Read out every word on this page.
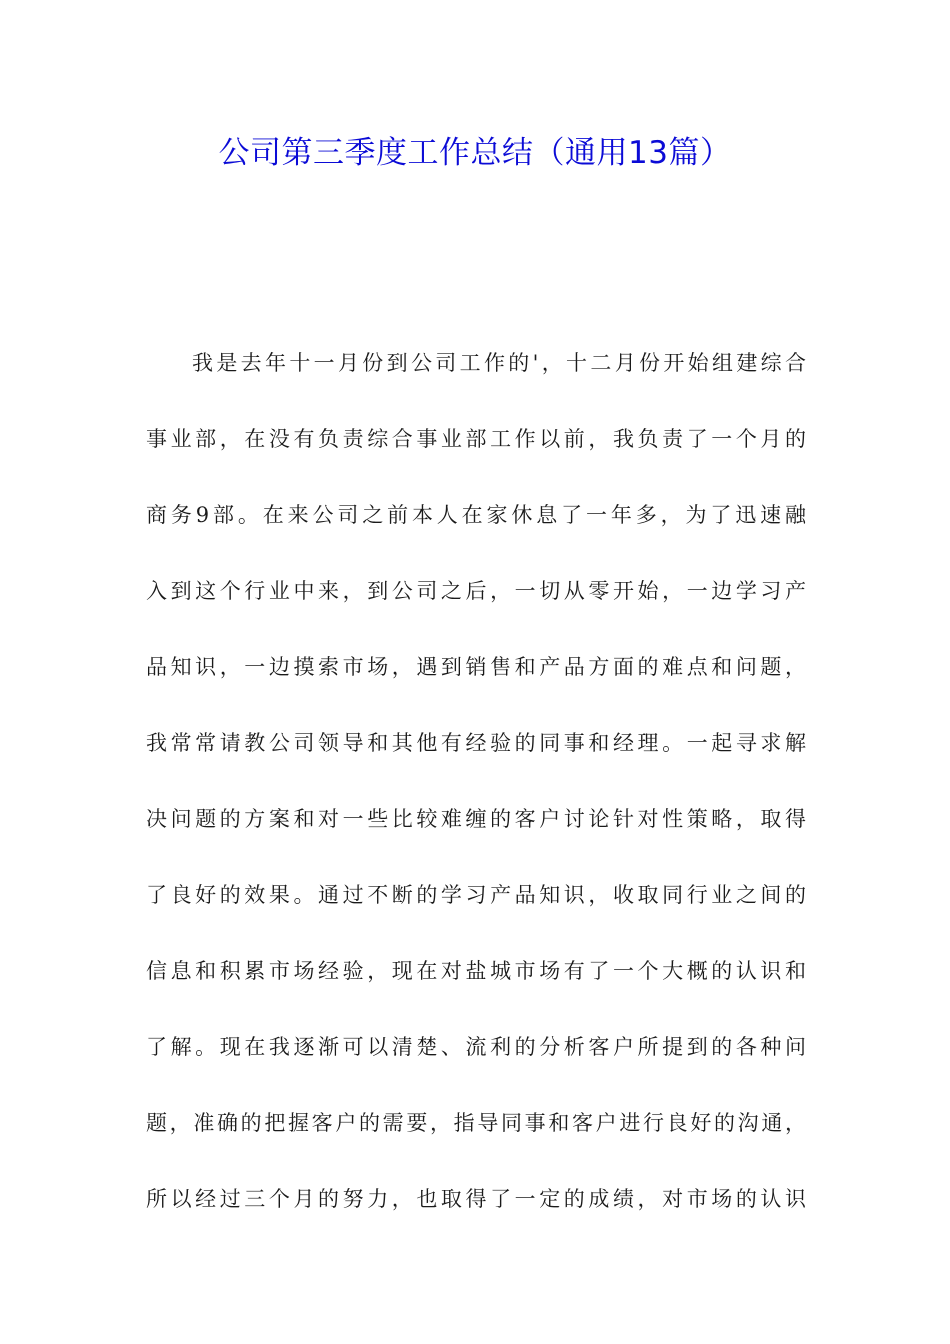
公司第三季度工作总结（通用13篇）
我是去年十一月份到公司工作的'，十二月份开始组建综合
事业部，在没有负责综合事业部工作以前，我负责了一个月的
商务9部。在来公司之前本人在家休息了一年多，为了迅速融
入到这个行业中来，到公司之后，一切从零开始，一边学习产
品知识，一边摸索市场，遇到销售和产品方面的难点和问题，
我常常请教公司领导和其他有经验的同事和经理。一起寻求解
决问题的方案和对一些比较难缠的客户讨论针对性策略，取得
了良好的效果。通过不断的学习产品知识，收取同行业之间的
信息和积累市场经验，现在对盐城市场有了一个大概的认识和
了解。现在我逐渐可以清楚、流利的分析客户所提到的各种问
题，准确的把握客户的需要，指导同事和客户进行良好的沟通，
所以经过三个月的努力，也取得了一定的成绩，对市场的认识
